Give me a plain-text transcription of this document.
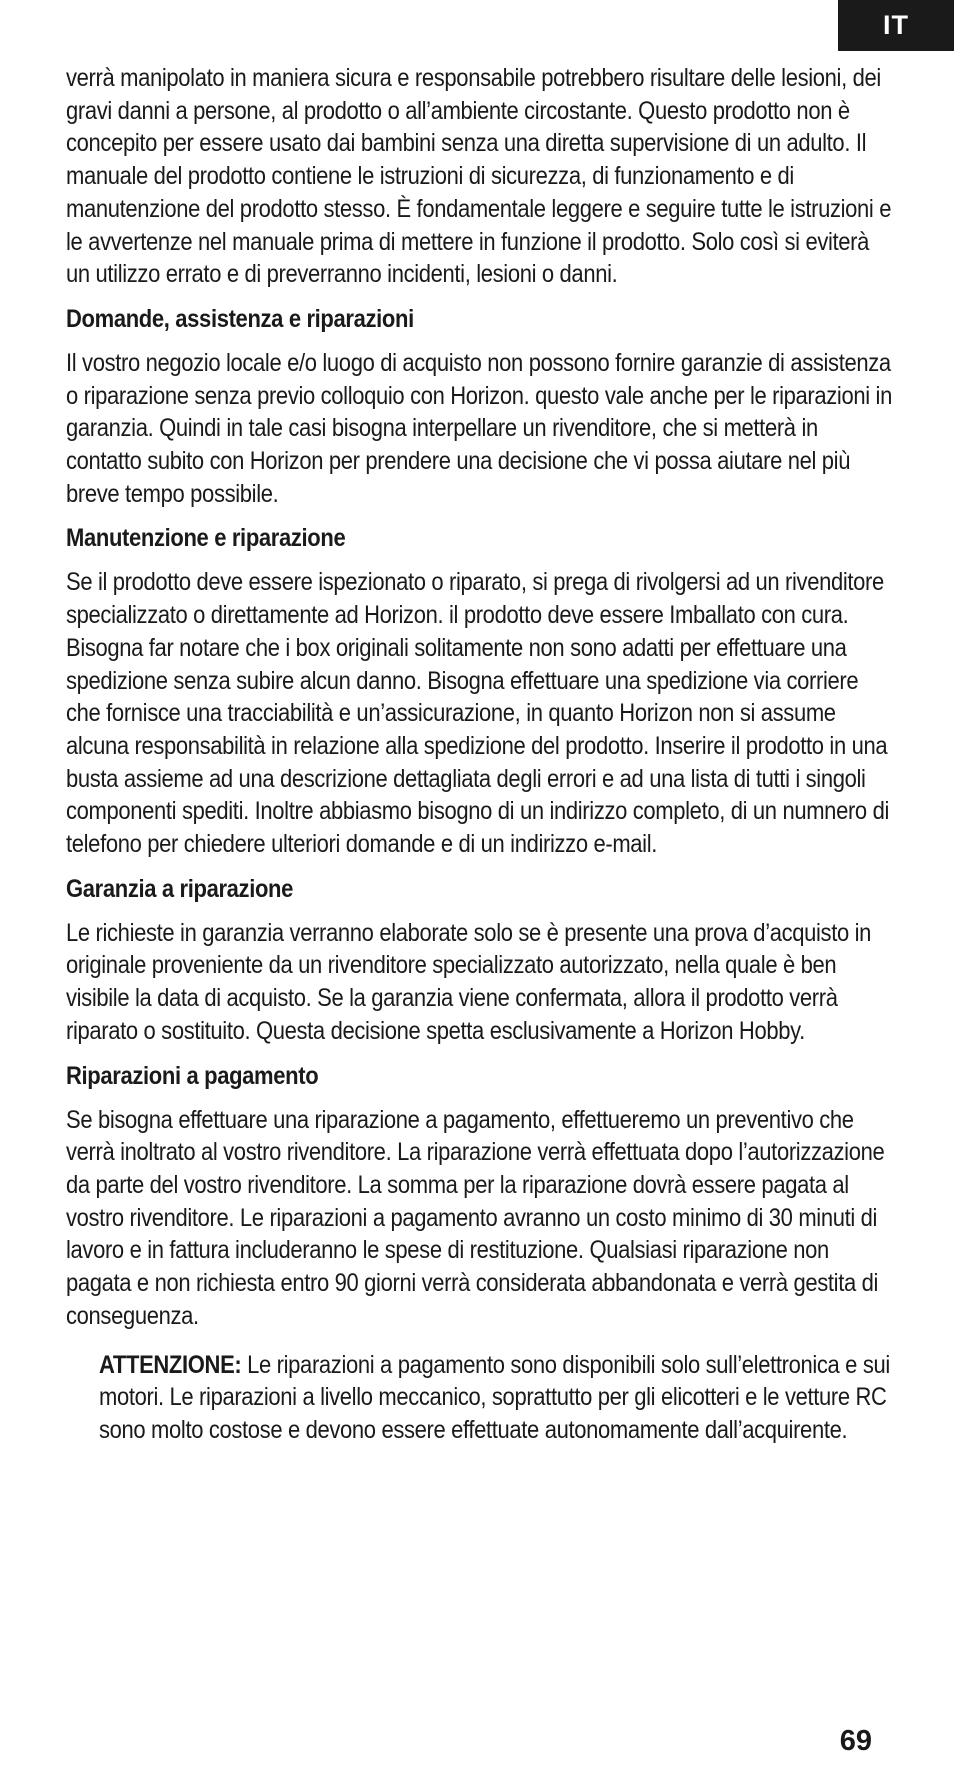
IT

verrà manipolato in maniera sicura e responsabile potrebbero risultare delle lesioni, dei gravi danni a persone, al prodotto o all’ambiente circostante. Questo prodotto non è concepito per essere usato dai bambini senza una diretta supervisione di un adulto. Il manuale del prodotto contiene le istruzioni di sicurezza, di funzionamento e di manutenzione del prodotto stesso. È fondamentale leggere e seguire tutte le istruzioni e le avvertenze nel manuale prima di mettere in funzione il prodotto. Solo così si eviterà un utilizzo errato e di preverranno incidenti, lesioni o danni.

Domande, assistenza e riparazioni

Il vostro negozio locale e/o luogo di acquisto non possono fornire garanzie di assistenza o riparazione senza previo colloquio con Horizon. questo vale anche per le riparazioni in garanzia. Quindi in tale casi bisogna interpellare un rivenditore, che si metterà in contatto subito con Horizon per prendere una decisione che vi possa aiutare nel più breve tempo possibile.

Manutenzione e riparazione

Se il prodotto deve essere ispezionato o riparato, si prega di rivolgersi ad un rivenditore specializzato o direttamente ad Horizon. il prodotto deve essere Imballato con cura. Bisogna far notare che i box originali solitamente non sono adatti per effettuare una spedizione senza subire alcun danno. Bisogna effettuare una spedizione via corriere che fornisce una tracciabilità e un’assicurazione, in quanto Horizon non si assume alcuna responsabilità in relazione alla spedizione del prodotto. Inserire il prodotto in una busta assieme ad una descrizione dettagliata degli errori e ad una lista di tutti i singoli componenti spediti. Inoltre abbiasmo bisogno di un indirizzo completo, di un numnero di telefono per chiedere ulteriori domande e di un indirizzo e-mail.

Garanzia a riparazione

Le richieste in garanzia verranno elaborate solo se è presente una prova d’acquisto in originale proveniente da un rivenditore specializzato autorizzato, nella quale è ben visibile la data di acquisto. Se la garanzia viene confermata, allora il prodotto verrà riparato o sostituito. Questa decisione spetta esclusivamente a Horizon Hobby.

Riparazioni a pagamento

Se bisogna effettuare una riparazione a pagamento, effettueremo un preventivo che verrà inoltrato al vostro rivenditore. La riparazione verrà effettuata dopo l’autorizzazione da parte del vostro rivenditore. La somma per la riparazione dovrà essere pagata al vostro rivenditore. Le riparazioni a pagamento avranno un costo minimo di 30 minuti di lavoro e in fattura includeranno le spese di restituzione. Qualsiasi riparazione non pagata e non richiesta entro 90 giorni verrà considerata abbandonata e verrà gestita di conseguenza.

ATTENZIONE: Le riparazioni a pagamento sono disponibili solo sull’elettronica e sui motori. Le riparazioni a livello meccanico, soprattutto per gli elicotteri e le vetture RC sono molto costose e devono essere effettuate autonomamente dall’acquirente.

69
